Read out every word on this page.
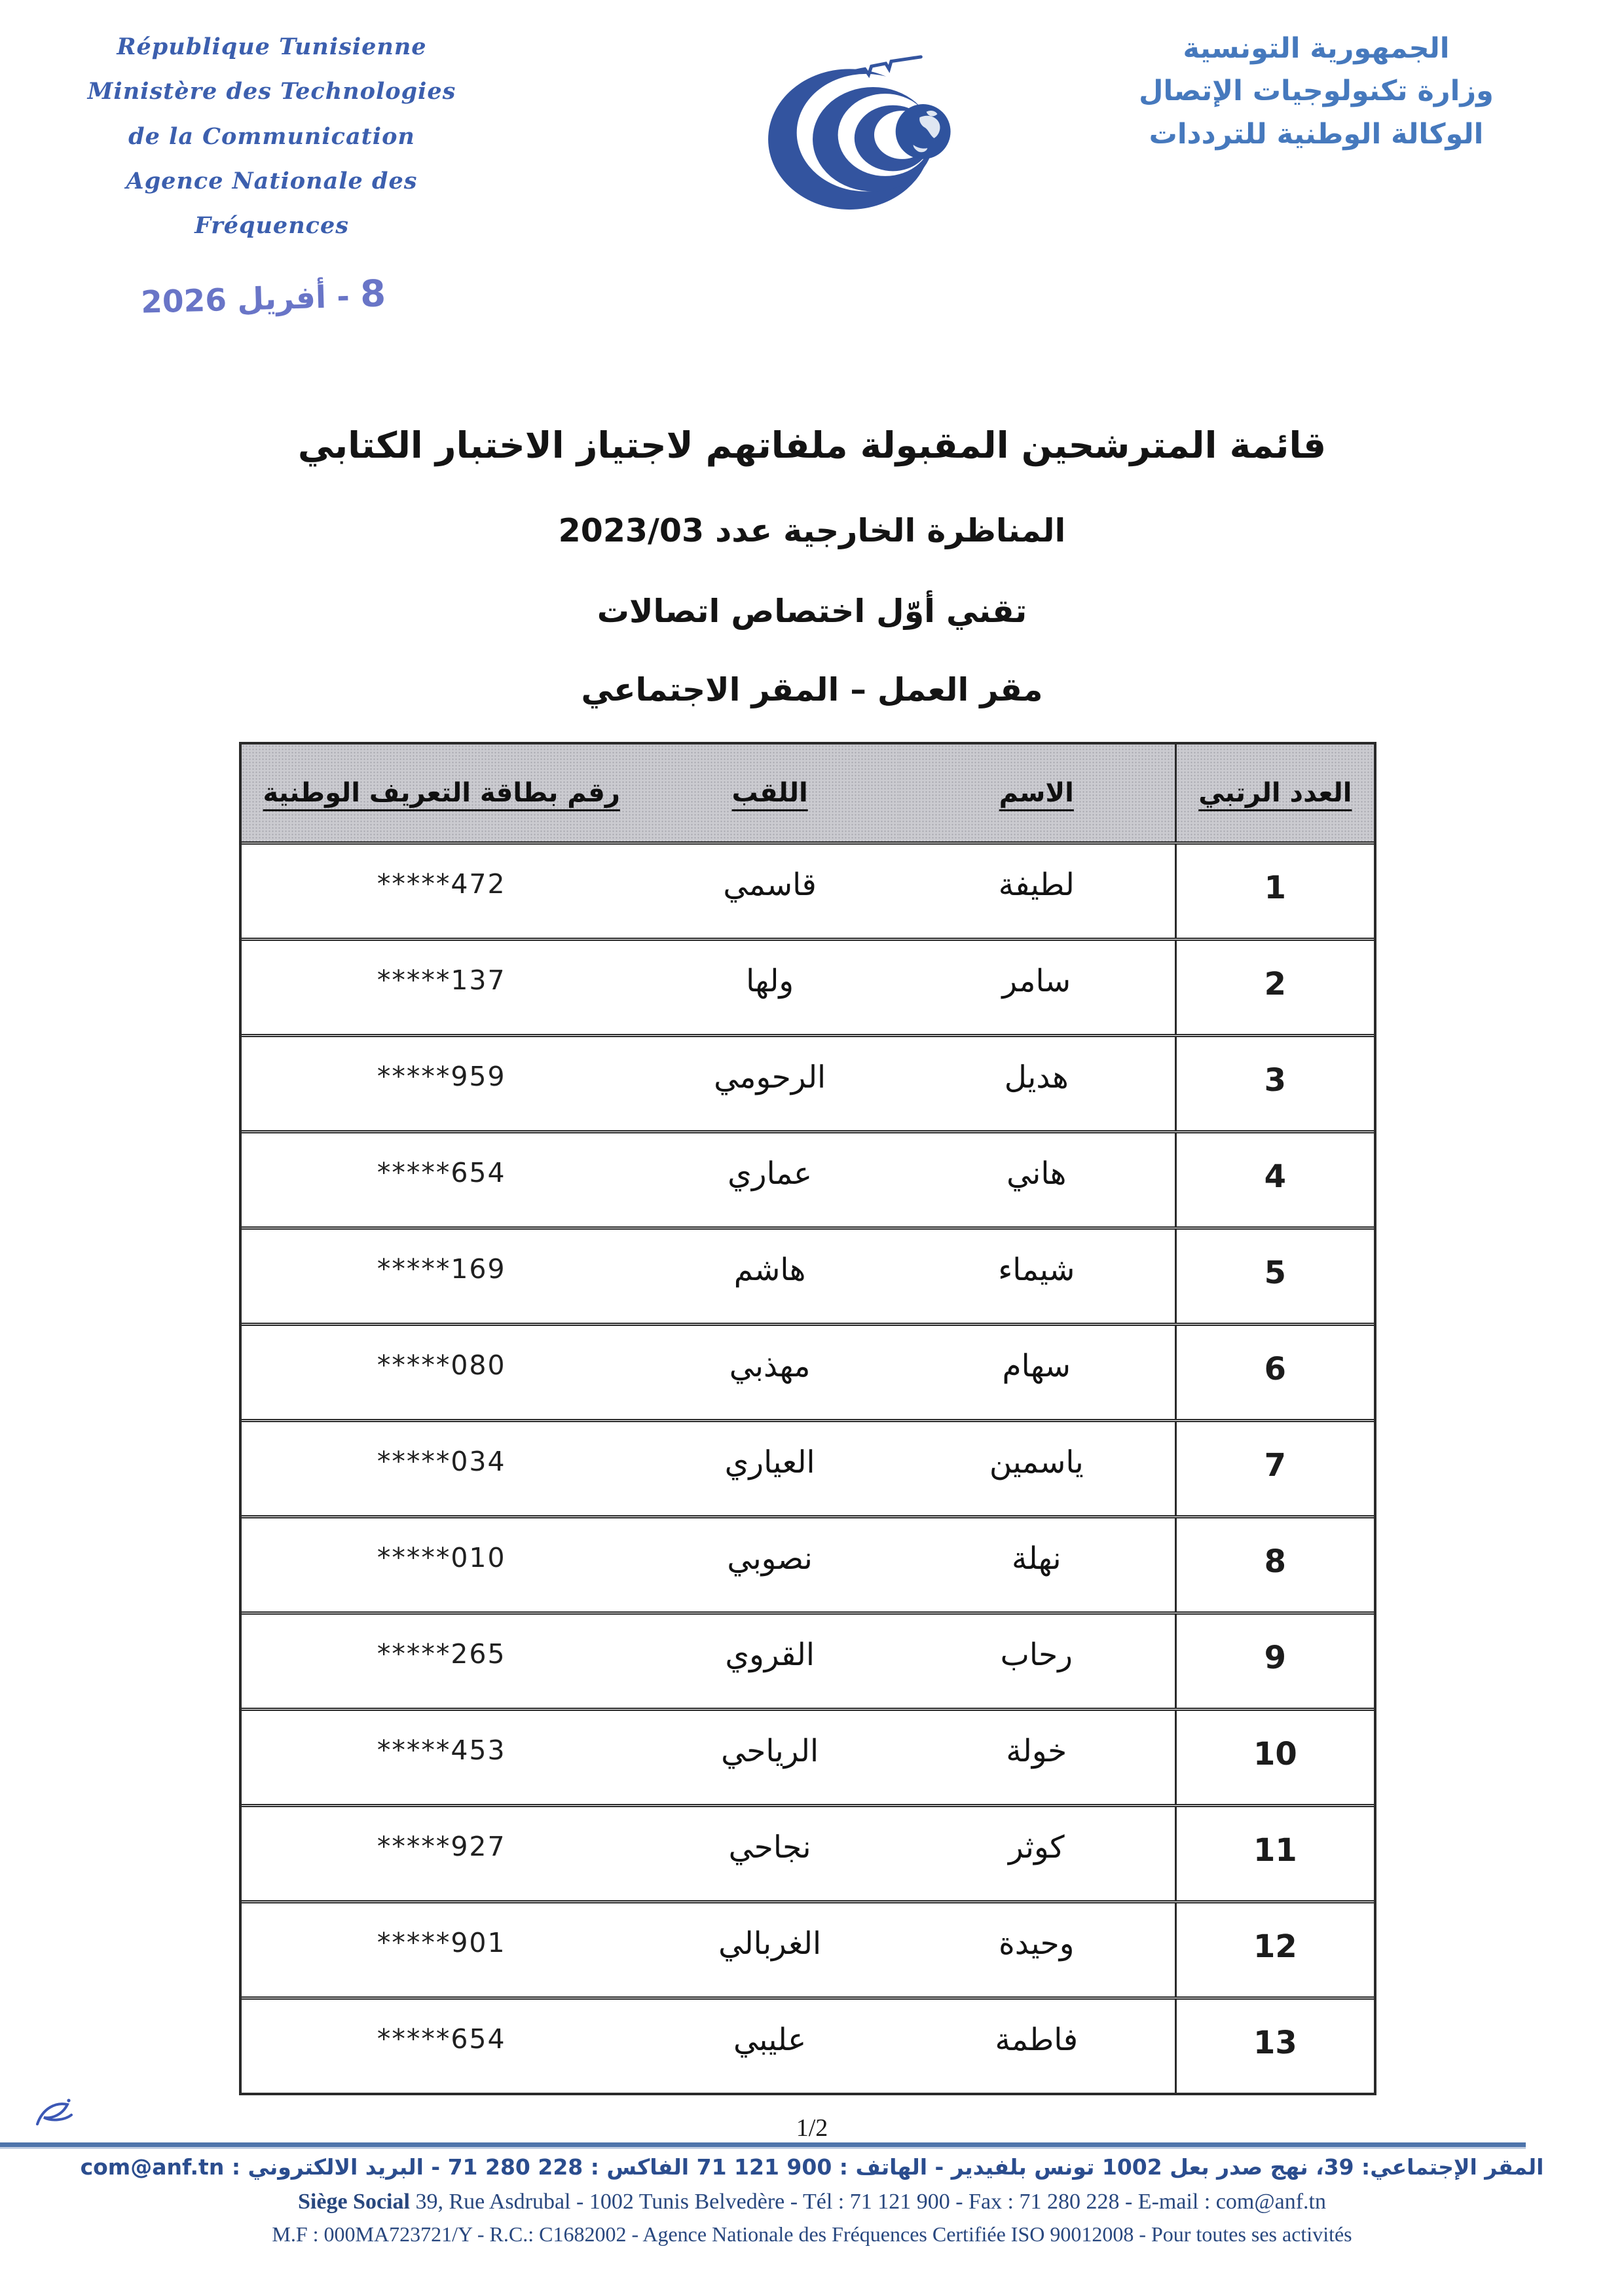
République Tunisienne
Ministère des Technologies de la Communication
Agence Nationale des Fréquences
الجمهورية التونسية
وزارة تكنولوجيات الإتصال
الوكالة الوطنية للترددات
8 - أفريل 2026
قائمة المترشحين المقبولة ملفاتهم لاجتياز الاختبار الكتابي
المناظرة الخارجية عدد 2023/03
تقني أوّل اختصاص اتصالات
مقر العمل – المقر الاجتماعي
العدد الرتبي
الاسم
اللقب
رقم بطاقة التعريف الوطنية
1
لطيفة
قاسمي
*****472
2
سامر
ولها
*****137
3
هديل
الرحومي
*****959
4
هاني
عماري
*****654
5
شيماء
هاشم
*****169
6
سهام
مهذبي
*****080
7
ياسمين
العياري
*****034
8
نهلة
نصوبي
*****010
9
رحاب
القروي
*****265
10
خولة
الرياحي
*****453
11
كوثر
نجاحي
*****927
12
وحيدة
الغربالي
*****901
13
فاطمة
عليبي
*****654
1/2
المقر الإجتماعي: 39، نهج صدر بعل 1002 تونس بلفيدير - الهاتف : 71 121 900 الفاكس : 71 280 228 - البريد الالكتروني : com@anf.tn
Siège Social 39, Rue Asdrubal - 1002 Tunis Belvedère - Tél : 71 121 900 - Fax : 71 280 228 - E-mail : com@anf.tn
M.F : 000MA723721/Y - R.C.: C1682002 - Agence Nationale des Fréquences Certifiée ISO 90012008 - Pour toutes ses activités
